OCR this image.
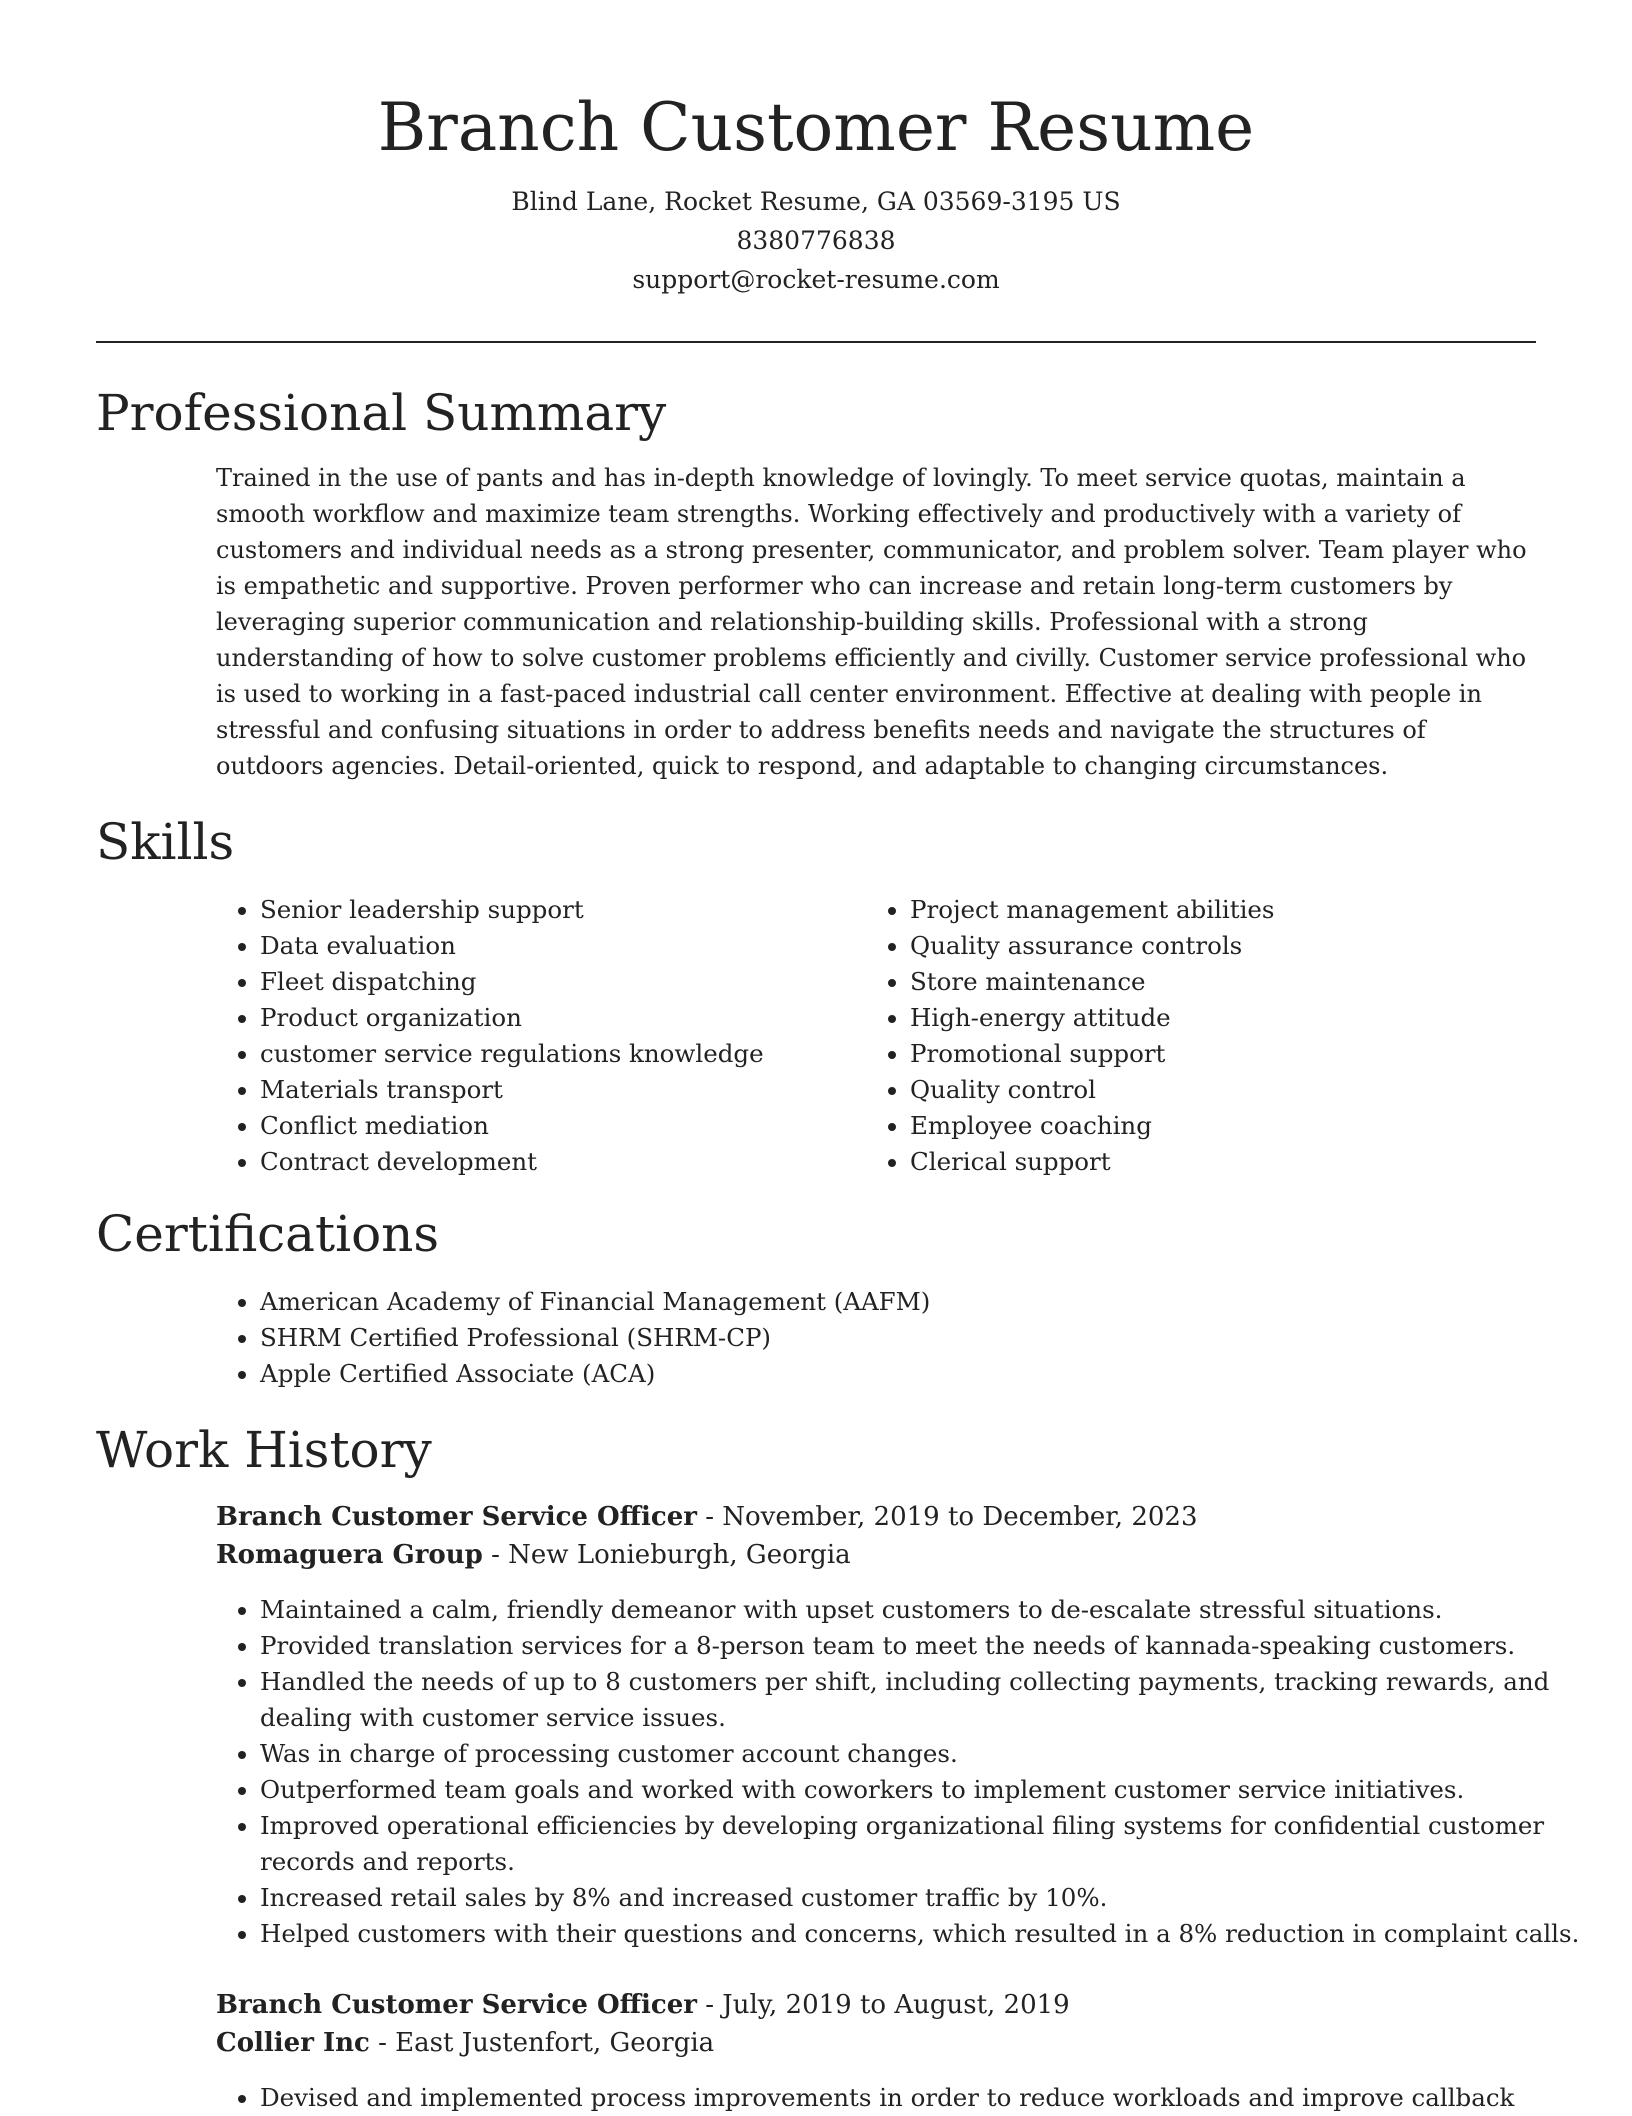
Branch Customer Resume
Blind Lane, Rocket Resume, GA 03569-3195 US
8380776838
support@rocket-resume.com
Professional Summary

Trained in the use of pants and has in-depth knowledge of lovingly. To meet service quotas, maintain a smooth workflow and maximize team strengths. Working effectively and productively with a variety of customers and individual needs as a strong presenter, communicator, and problem solver. Team player who is empathetic and supportive. Proven performer who can increase and retain long-term customers by leveraging superior communication and relationship-building skills. Professional with a strong understanding of how to solve customer problems efficiently and civilly. Customer service professional who is used to working in a fast-paced industrial call center environment. Effective at dealing with people in stressful and confusing situations in order to address benefits needs and navigate the structures of outdoors agencies. Detail-oriented, quick to respond, and adaptable to changing circumstances.

Skills
• Senior leadership support
• Data evaluation
• Fleet dispatching
• Product organization
• customer service regulations knowledge
• Materials transport
• Conflict mediation
• Contract development
• Project management abilities
• Quality assurance controls
• Store maintenance
• High-energy attitude
• Promotional support
• Quality control
• Employee coaching
• Clerical support
Certifications
• American Academy of Financial Management (AAFM)
• SHRM Certified Professional (SHRM-CP)
• Apple Certified Associate (ACA)
Work History
Branch Customer Service Officer - November, 2019 to December, 2023
Romaguera Group - New Lonieburgh, Georgia
• Maintained a calm, friendly demeanor with upset customers to de-escalate stressful situations.
• Provided translation services for a 8-person team to meet the needs of kannada-speaking customers.
• Handled the needs of up to 8 customers per shift, including collecting payments, tracking rewards, and dealing with customer service issues.
• Was in charge of processing customer account changes.
• Outperformed team goals and worked with coworkers to implement customer service initiatives.
• Improved operational efficiencies by developing organizational filing systems for confidential customer records and reports.
• Increased retail sales by 8% and increased customer traffic by 10%.
• Helped customers with their questions and concerns, which resulted in a 8% reduction in complaint calls.
Branch Customer Service Officer - July, 2019 to August, 2019
Collier Inc - East Justenfort, Georgia
• Devised and implemented process improvements in order to reduce workloads and improve callback
